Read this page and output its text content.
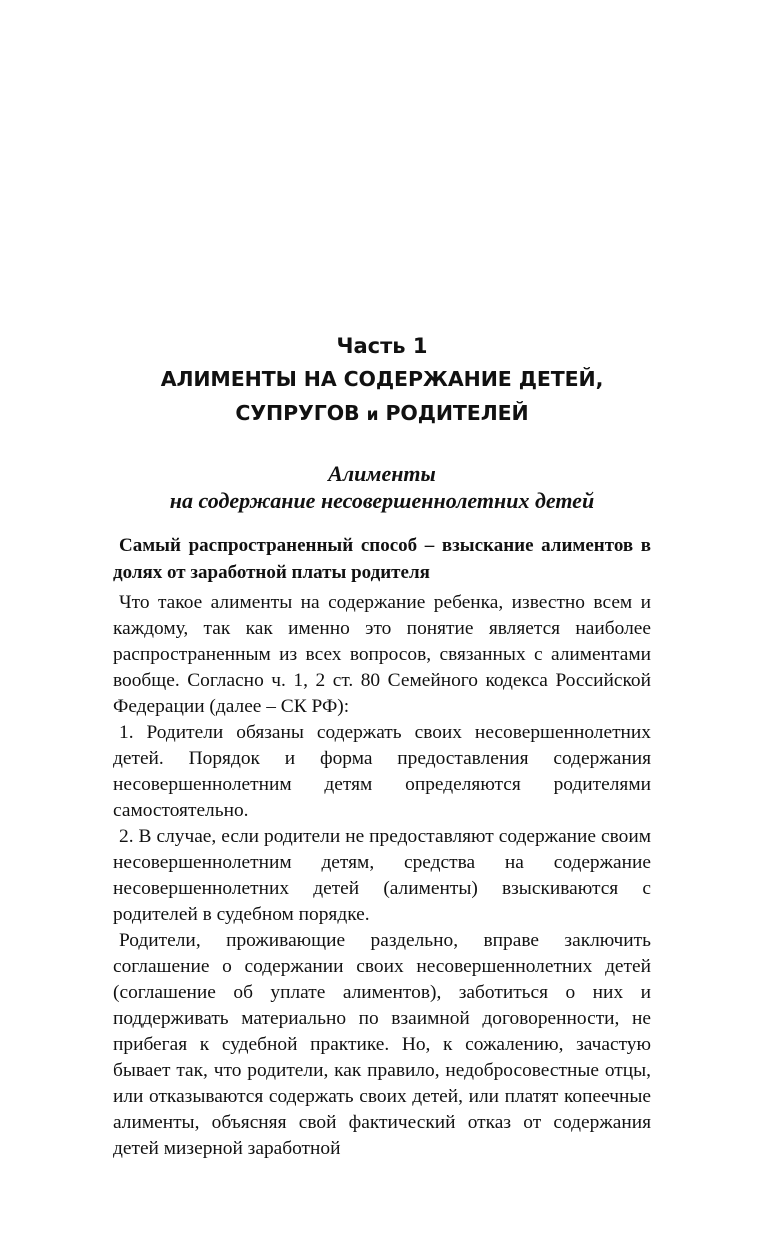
Часть 1

АЛИМЕНТЫ НА СОДЕРЖАНИЕ ДЕТЕЙ,
СУПРУГОВ и РОДИТЕЛЕЙ

Алименты
на содержание несовершеннолетних детей

Самый распространенный способ – взыскание алиментов в долях от заработной платы родителя

Что такое алименты на содержание ребенка, известно всем и каждому, так как именно это понятие является наиболее распространенным из всех вопросов, связанных с алиментами вообще. Согласно ч. 1, 2 ст. 80 Семейного кодекса Российской Федерации (далее – СК РФ):

1. Родители обязаны содержать своих несовершеннолетних детей. Порядок и форма предоставления содержания несовершеннолетним детям определяются родителями самостоятельно.

2. В случае, если родители не предоставляют содержание своим несовершеннолетним детям, средства на содержание несовершеннолетних детей (алименты) взыскиваются с родителей в судебном порядке.

Родители, проживающие раздельно, вправе заключить соглашение о содержании своих несовершеннолетних детей (соглашение об уплате алиментов), заботиться о них и поддерживать материально по взаимной договоренности, не прибегая к судебной практике. Но, к сожалению, зачастую бывает так, что родители, как правило, недобросовестные отцы, или отказываются содержать своих детей, или платят копеечные алименты, объясняя свой фактический отказ от содержания детей мизерной заработной
